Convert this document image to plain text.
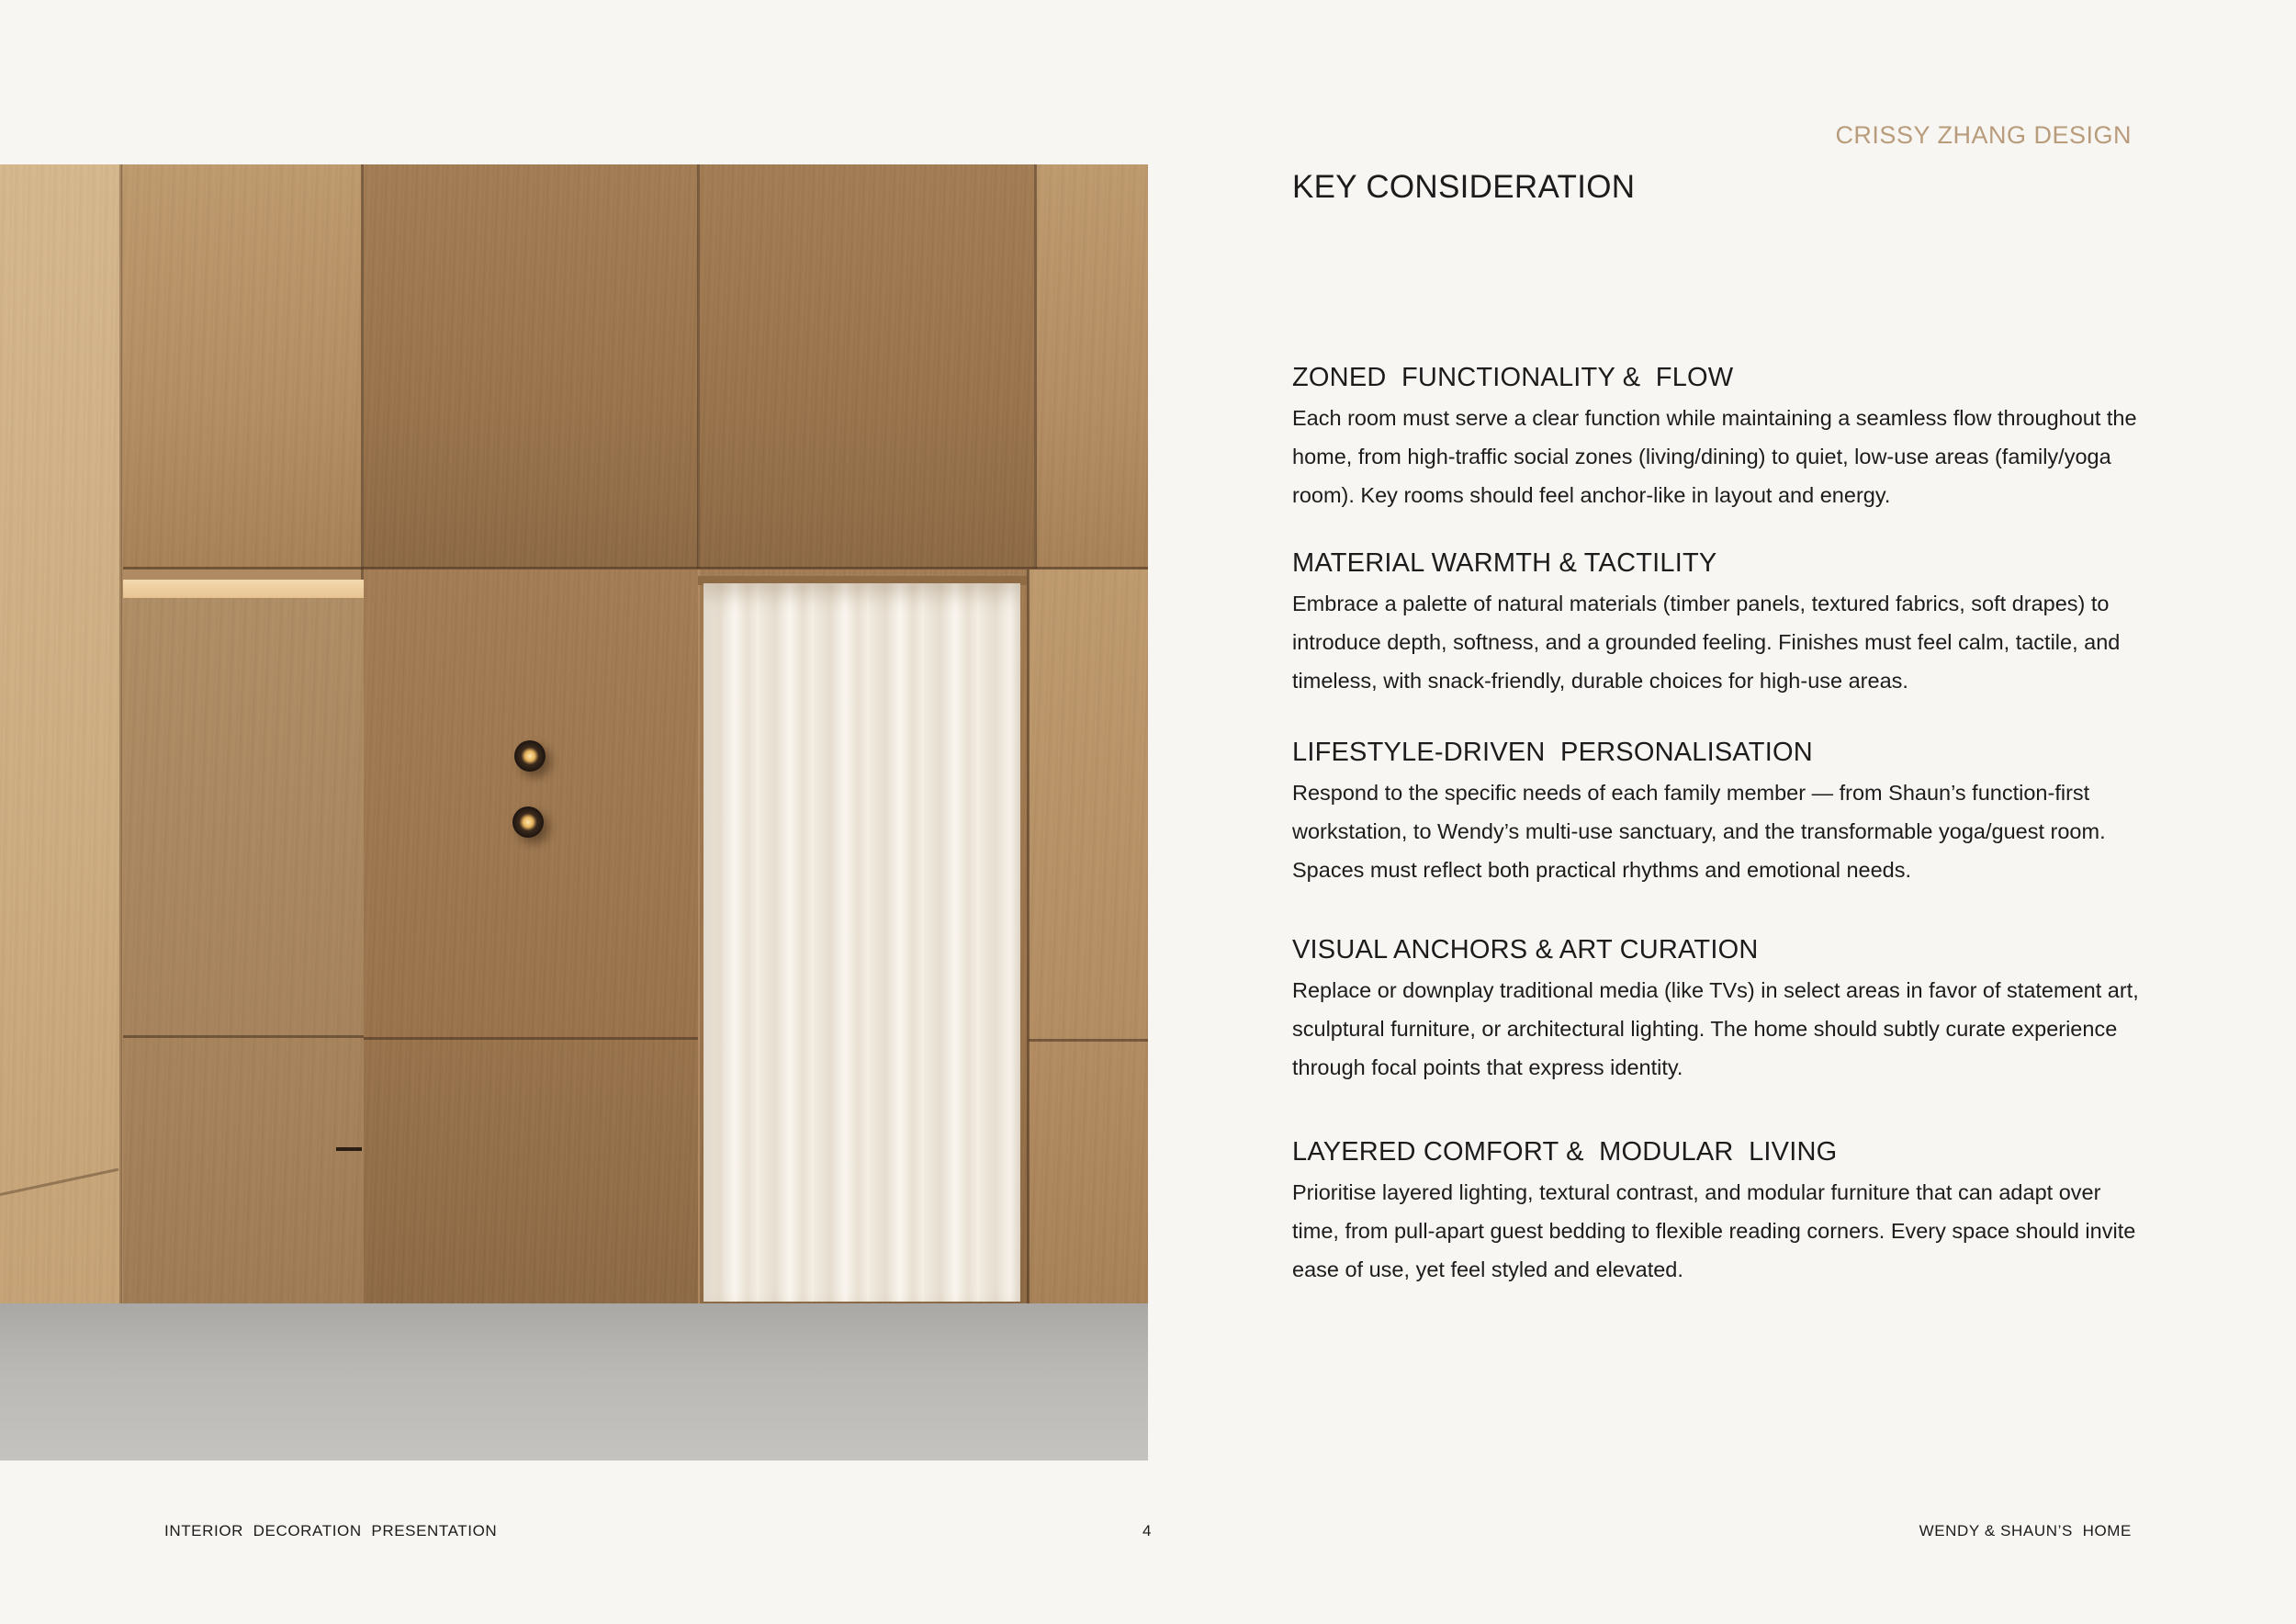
CRISSY ZHANG DESIGN
KEY CONSIDERATION
ZONED  FUNCTIONALITY &  FLOW

Each room must serve a clear function while maintaining a seamless flow throughout the home, from high-traffic social zones (living/dining) to quiet, low-use areas (family/yoga room). Key rooms should feel anchor-like in layout and energy.

MATERIAL WARMTH & TACTILITY

Embrace a palette of natural materials (timber panels, textured fabrics, soft drapes) to introduce depth, softness, and a grounded feeling. Finishes must feel calm, tactile, and timeless, with snack-friendly, durable choices for high-use areas.

LIFESTYLE-DRIVEN  PERSONALISATION

Respond to the specific needs of each family member — from Shaun’s function-first workstation, to Wendy’s multi-use sanctuary, and the transformable yoga/guest room. Spaces must reflect both practical rhythms and emotional needs.

VISUAL ANCHORS & ART CURATION

Replace or downplay traditional media (like TVs) in select areas in favor of statement art, sculptural furniture, or architectural lighting. The home should subtly curate experience through focal points that express identity.

LAYERED COMFORT &  MODULAR  LIVING

Prioritise layered lighting, textural contrast, and modular furniture that can adapt over time, from pull-apart guest bedding to flexible reading corners. Every space should invite ease of use, yet feel styled and elevated.

INTERIOR  DECORATION  PRESENTATION	4	WENDY & SHAUN’S  HOME
